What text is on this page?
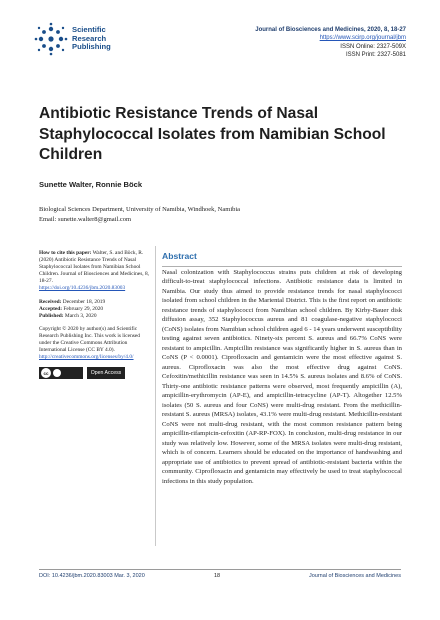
Scientific
Research
Publishing
Journal of Biosciences and Medicines, 2020, 8, 18-27
https://www.scirp.org/journal/jbm
ISSN Online: 2327-509X
ISSN Print: 2327-5081
Antibiotic Resistance Trends of Nasal Staphylococcal Isolates from Namibian School Children
Sunette Walter, Ronnie Böck
Biological Sciences Department, University of Namibia, Windhoek, Namibia
Email: sunette.walter8@gmail.com

How to cite this paper: Walter, S. and Böck, R. (2020) Antibiotic Resistance Trends of Nasal Staphylococcal Isolates from Namibian School Children. Journal of Biosciences and Medicines, 8, 18-27.
https://doi.org/10.4236/jbm.2020.83003

Received: December 18, 2019
Accepted: February 29, 2020
Published: March 3, 2020

Copyright © 2020 by author(s) and Scientific Research Publishing Inc. This work is licensed under the Creative Commons Attribution International License (CC BY 4.0).
http://creativecommons.org/licenses/by/4.0/

cc	Open Access
Abstract

Nasal colonization with Staphylococcus strains puts children at risk of developing difficult-to-treat staphylococcal infections. Antibiotic resistance data is limited in Namibia. Our study thus aimed to provide resistance trends for nasal staphylococci isolated from school children in the Mariental District. This is the first report on antibiotic resistance trends of staphylococci from Namibian school children. By Kirby-Bauer disk diffusion assay, 352 Staphylococcus aureus and 81 coagulase-negative staphylococci (CoNS) isolates from Namibian school children aged 6 - 14 years underwent susceptibility testing against seven antibiotics. Ninety-six percent S. aureus and 66.7% CoNS were resistant to ampicillin. Ampicillin resistance was significantly higher in S. aureus than in CoNS (P < 0.0001). Ciprofloxacin and gentamicin were the most effective against S. aureus. Ciprofloxacin was also the most effective drug against CoNS. Cefoxitin/methicillin resistance was seen in 14.5% S. aureus isolates and 8.6% of CoNS. Thirty-one antibiotic resistance patterns were observed, most frequently ampicillin (A), ampicillin-erythromycin (AP-E), and ampicillin-tetracycline (AP-T). Altogether 12.5% isolates (50 S. aureus and four CoNS) were multi-drug resistant. From the methicillin-resistant S. aureus (MRSA) isolates, 43.1% were multi-drug resistant. Methicillin-resistant CoNS were not multi-drug resistant, with the most common resistance pattern being ampicillin-rifampicin-cefoxitin (AP-RP-FOX). In conclusion, multi-drug resistance in our study was relatively low. However, some of the MRSA isolates were multi-drug resistant, which is of concern. Learners should be educated on the importance of handwashing and appropriate use of antibiotics to prevent spread of antibiotic-resistant bacteria within the community. Ciprofloxacin and gentamicin may effectively be used to treat staphylococcal infections in this study population.

DOI: 10.4236/jbm.2020.83003 Mar. 3, 2020	18	Journal of Biosciences and Medicines
